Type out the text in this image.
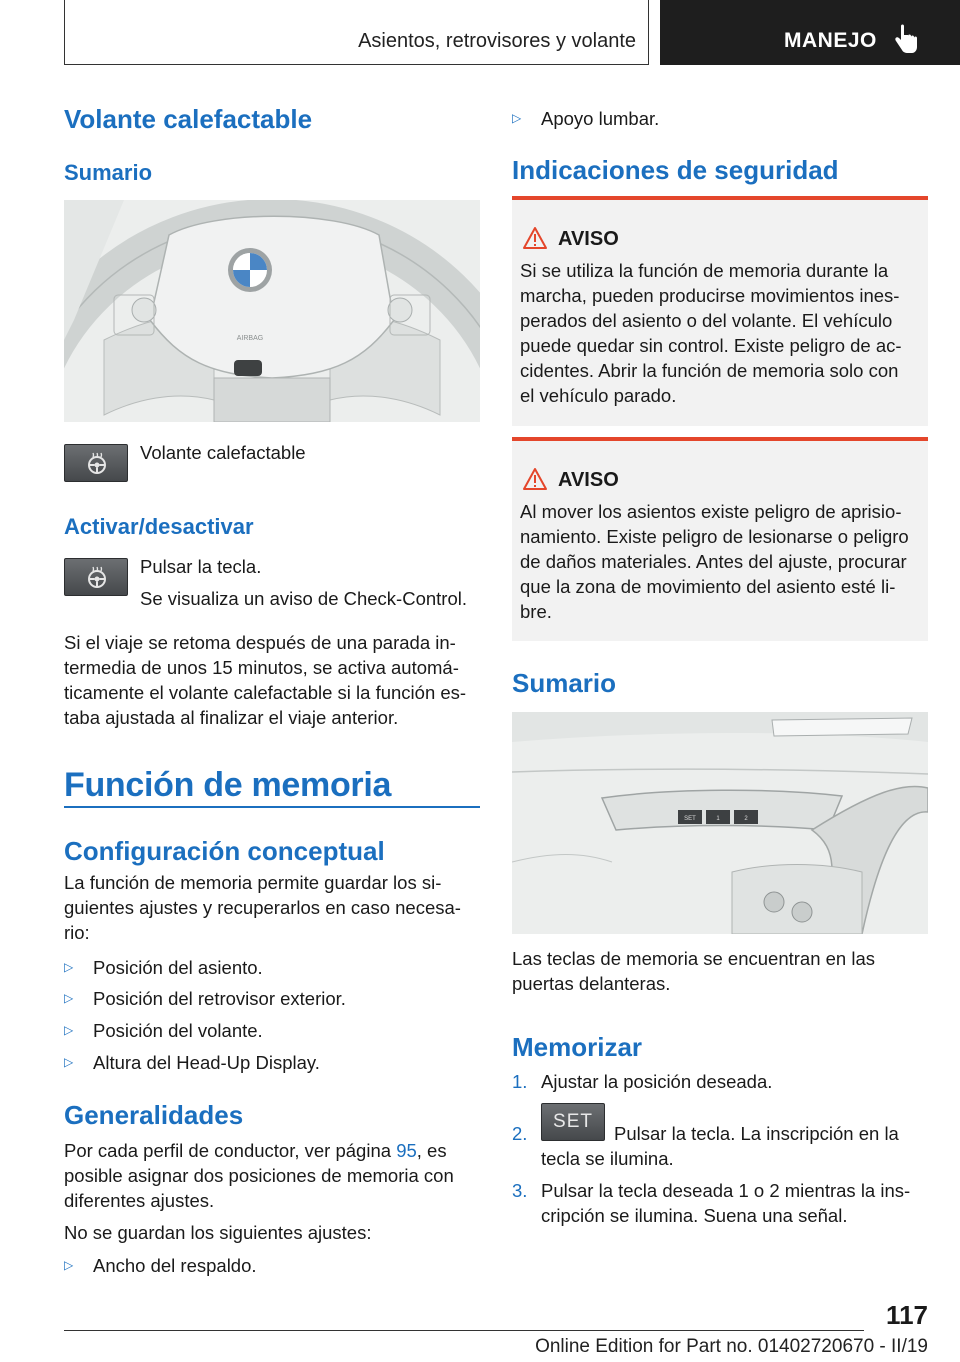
Asientos, retrovisores y volante	MANEJO
Volante calefactable
Sumario
AIRBAG
Volante calefactable
Activar/desactivar
Pulsar la tecla.
Se visualiza un aviso de Check-Control.
Si el viaje se retoma después de una parada in-
termedia de unos 15 minutos, se activa automá-
ticamente el volante calefactable si la función es-
taba ajustada al finalizar el viaje anterior.
Función de memoria
Configuración conceptual
La función de memoria permite guardar los si-
guientes ajustes y recuperarlos en caso necesa-
rio:
▷ Posición del asiento.
▷ Posición del retrovisor exterior.
▷ Posición del volante.
▷ Altura del Head-Up Display.
Generalidades
Por cada perfil de conductor, ver página 95, es
posible asignar dos posiciones de memoria con
diferentes ajustes.
No se guardan los siguientes ajustes:
▷ Ancho del respaldo.
▷ Apoyo lumbar.
Indicaciones de seguridad
AVISO
Si se utiliza la función de memoria durante la
marcha, pueden producirse movimientos ines-
perados del asiento o del volante. El vehículo
puede quedar sin control. Existe peligro de ac-
cidentes. Abrir la función de memoria solo con
el vehículo parado.
AVISO
Al mover los asientos existe peligro de aprisio-
namiento. Existe peligro de lesionarse o peligro
de daños materiales. Antes del ajuste, procurar
que la zona de movimiento del asiento esté li-
bre.
Sumario
SET	1	2
Las teclas de memoria se encuentran en las
puertas delanteras.
Memorizar
1. Ajustar la posición deseada.
2.
SET
Pulsar la tecla. La inscripción en la
tecla se ilumina.
3. Pulsar la tecla deseada 1 o 2 mientras la ins-
cripción se ilumina. Suena una señal.
117
Online Edition for Part no. 01402720670 - II/19
